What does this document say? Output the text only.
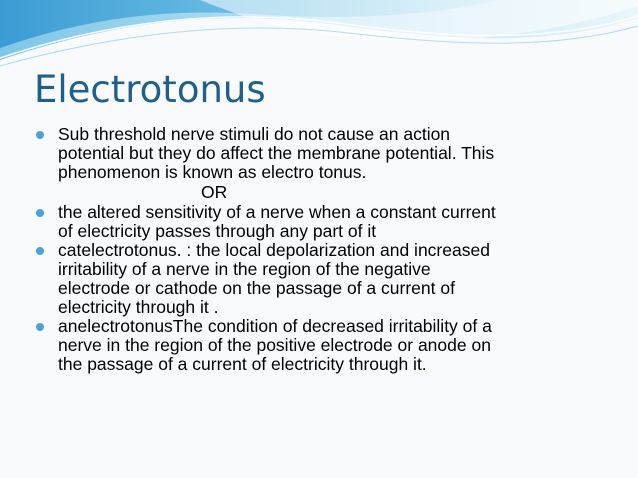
Electrotonus
Sub threshold nerve stimuli do not cause an action
potential but they do affect the membrane potential. This
phenomenon is known as electro tonus.
OR
the altered sensitivity of a nerve when a constant current
of electricity passes through any part of it
catelectrotonus. : the local depolarization and increased
irritability of a nerve in the region of the negative
electrode or cathode on the passage of a current of
electricity through it .
anelectrotonusThe condition of decreased irritability of a
nerve in the region of the positive electrode or anode on
the passage of a current of electricity through it.
